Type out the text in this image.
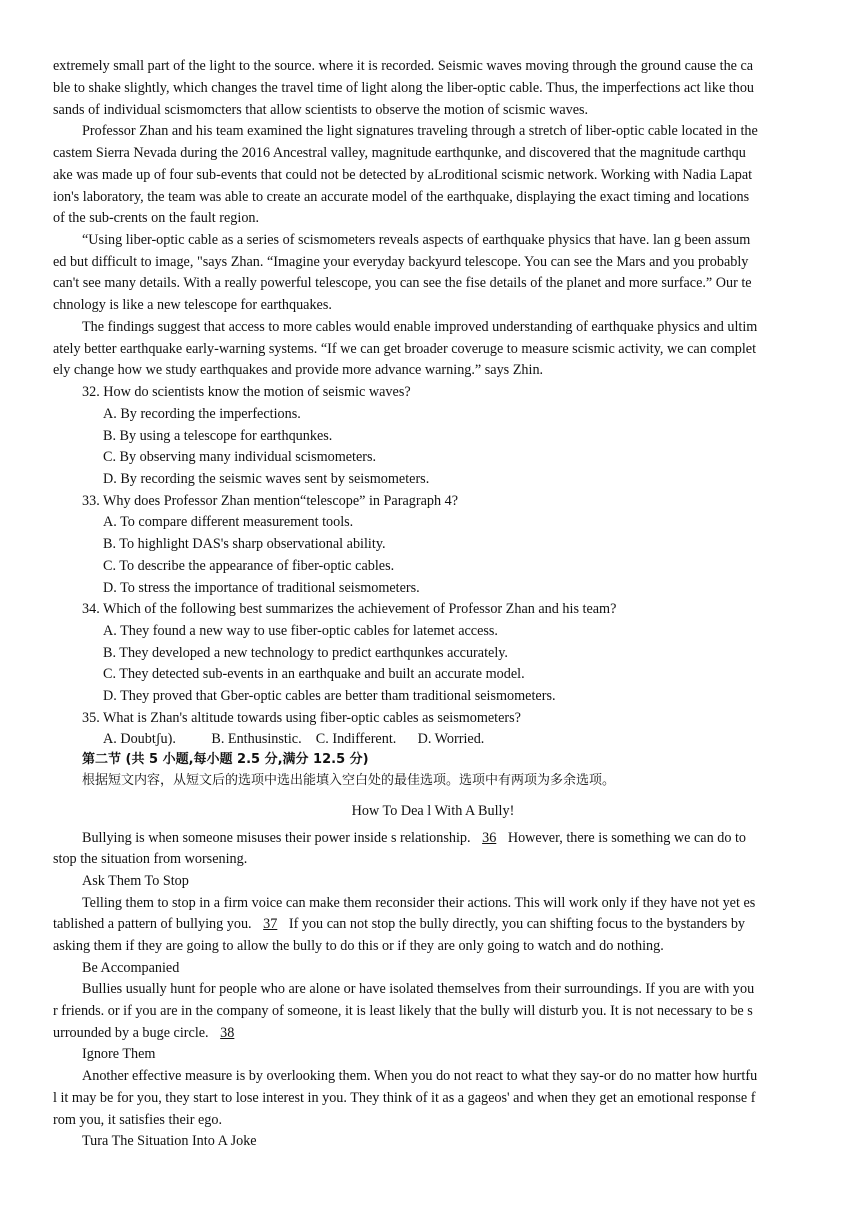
extremely small part of the light to the source. where it is recorded. Seismic waves moving through the ground cause the ca
ble to shake slightly, which changes the travel time of light along the liber-optic cable. Thus, the imperfections act like thou
sands of individual scismomcters that allow scientists to observe the motion of scismic waves.
Professor Zhan and his team examined the light signatures traveling through a stretch of liber-optic cable located in the
castem Sierra Nevada during the 2016 Ancestral valley, magnitude earthqunke, and discovered that the magnitude carthqu
ake was made up of four sub-events that could not be detected by aLroditional scismic network. Working with Nadia Lapat
ion's laboratory, the team was able to create an accurate model of the earthquake, displaying the exact timing and locations
of the sub-crents on the fault region.
“Using liber-optic cable as a series of scismometers reveals aspects of earthquake physics that have. lan g been assum
ed but difficult to image, "says Zhan. “Imagine your everyday backyurd telescope. You can see the Mars and you probably
can't see many details. With a really powerful telescope, you can see the fise details of the planet and more surface.” Our te
chnology is like a new telescope for earthquakes.
The findings suggest that access to more cables would enable improved understanding of earthquake physics and ultim
ately better earthquake early-warning systems. “If we can get broader coveruge to measure scismic activity, we can complet
ely change how we study earthquakes and provide more advance warning.” says Zhin.
32. How do scientists know the motion of seismic waves?
A. By recording the imperfections.
B. By using a telescope for earthqunkes.
C. By observing many individual scismometers.
D. By recording the seismic waves sent by seismometers.
33. Why does Professor Zhan mention“telescope” in Paragraph 4?
A. To compare different measurement tools.
B. To highlight DAS's sharp observational ability.
C. To describe the appearance of fiber-optic cables.
D. To stress the importance of traditional seismometers.
34. Which of the following best summarizes the achievement of Professor Zhan and his team?
A. They found a new way to use fiber-optic cables for latemet access.
B. They developed a new technology to predict earthqunkes accurately.
C. They detected sub-events in an earthquake and built an accurate model.
D. They proved that Gber-optic cables are better tham traditional seismometers.
35. What is Zhan's altitude towards using fiber-optic cables as seismometers?
A. Doubtʃu).          B. Enthusinstic.    C. Indifferent.      D. Worried.
第二节 (共 5 小题,每小题 2.5 分,满分 12.5 分)
根据短文内容，从短文后的选项中选出能填入空白处的最佳选项。选项中有两项为多余选项。
How To Dea l With A Bully!
Bullying is when someone misuses their power inside s relationship. 36 However, there is something we can do to
stop the situation from worsening.
Ask Them To Stop
Telling them to stop in a firm voice can make them reconsider their actions. This will work only if they have not yet es
tablished a pattern of bullying you. 37 If you can not stop the bully directly, you can shifting focus to the bystanders by
asking them if they are going to allow the bully to do this or if they are only going to watch and do nothing.
Be Accompanied
Bullies usually hunt for people who are alone or have isolated themselves from their surroundings. If you are with you
r friends. or if you are in the company of someone, it is least likely that the bully will disturb you. It is not necessary to be s
urrounded by a buge circle. 38
Ignore Them
Another effective measure is by overlooking them. When you do not react to what they say-or do no matter how hurtfu
l it may be for you, they start to lose interest in you. They think of it as a gageos' and when they get an emotional response f
rom you, it satisfies their ego.
Tura The Situation Into A Joke
